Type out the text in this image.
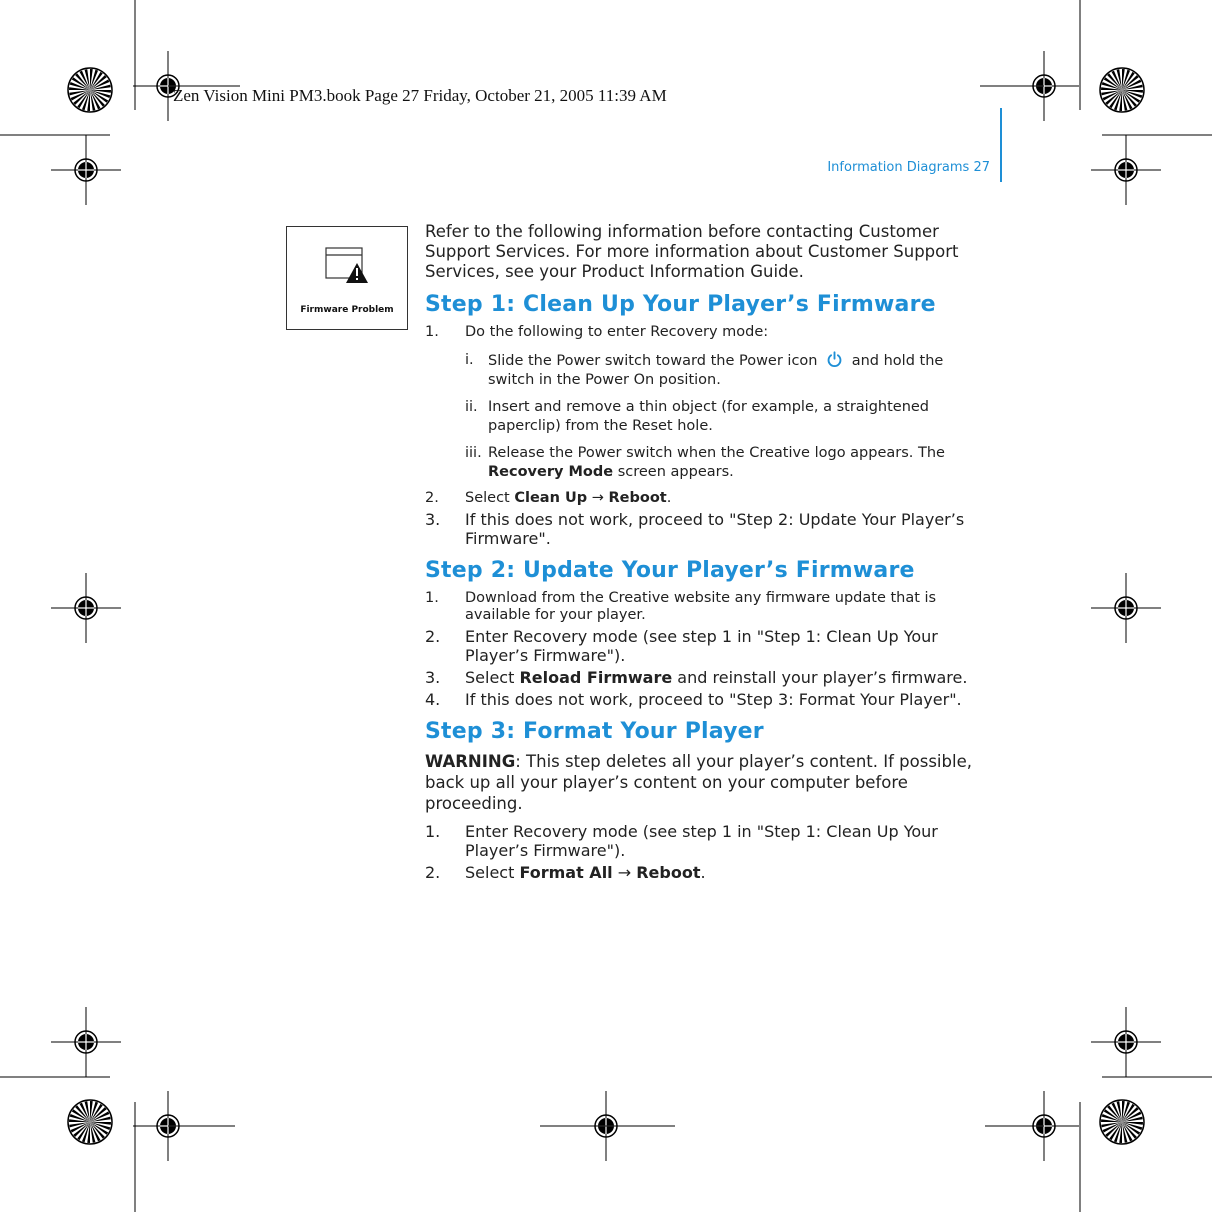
Zen Vision Mini PM3.book Page 27 Friday, October 21, 2005 11:39 AM
Information Diagrams 27
Firmware Problem

Refer to the following information before contacting Customer Support Services. For more information about Customer Support Services, see your Product Information Guide.

Step 1: Clean Up Your Player’s Firmware
1. Do the following to enter Recovery mode:
i. Slide the Power switch toward the Power icon and hold the switch in the Power On position.
ii. Insert and remove a thin object (for example, a straightened paperclip) from the Reset hole.
iii. Release the Power switch when the Creative logo appears. The Recovery Mode screen appears.
2. Select Clean Up → Reboot.
3. If this does not work, proceed to "Step 2: Update Your Player’s Firmware".
Step 2: Update Your Player’s Firmware
1. Download from the Creative website any firmware update that is available for your player.
2. Enter Recovery mode (see step 1 in "Step 1: Clean Up Your Player’s Firmware").
3. Select Reload Firmware and reinstall your player’s firmware.
4. If this does not work, proceed to "Step 3: Format Your Player".
Step 3: Format Your Player

WARNING: This step deletes all your player’s content. If possible, back up all your player’s content on your computer before proceeding.

1. Enter Recovery mode (see step 1 in "Step 1: Clean Up Your Player’s Firmware").
2. Select Format All → Reboot.
